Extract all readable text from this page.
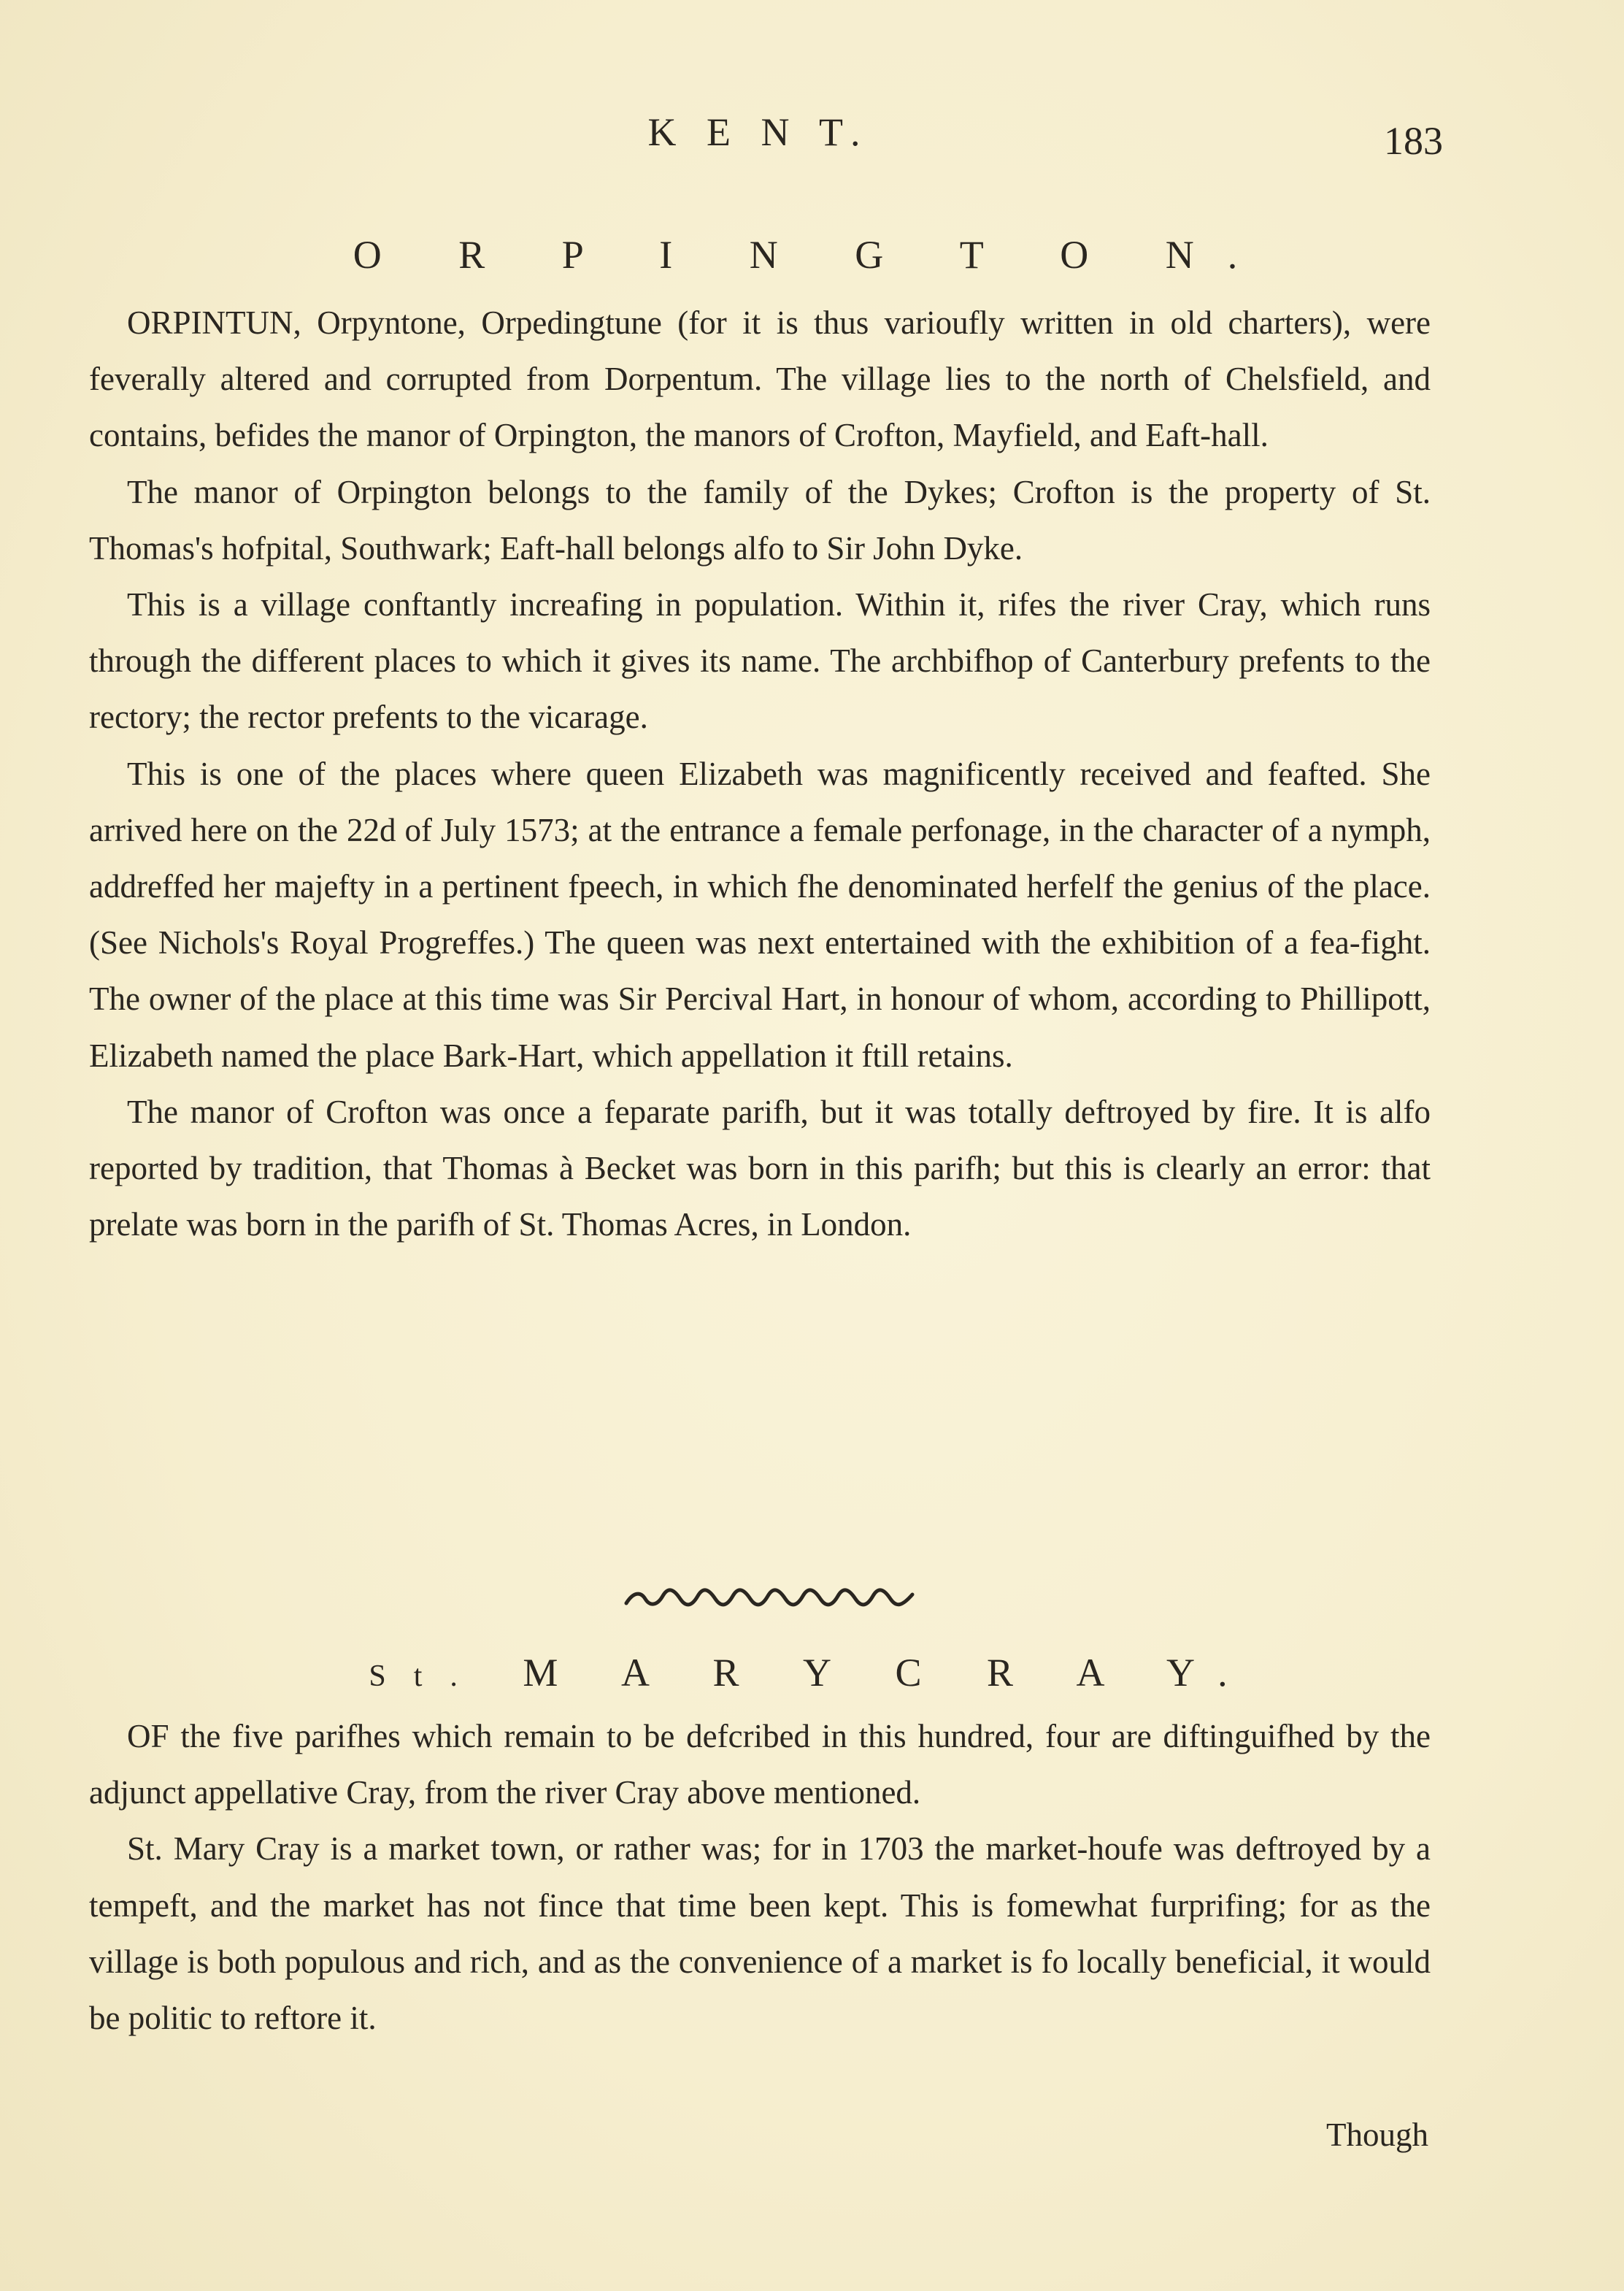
K E N T.	183
O R P I N G T O N.

ORPINTUN, Orpyntone, Orpedingtune (for it is thus varioufly written in old charters), were feverally altered and corrupted from Dorpentum. The village lies to the north of Chelsfield, and contains, befides the manor of Orpington, the manors of Crofton, Mayfield, and Eaft-hall.

The manor of Orpington belongs to the family of the Dykes; Crofton is the property of St. Thomas's hofpital, Southwark; Eaft-hall belongs alfo to Sir John Dyke.

This is a village conftantly increafing in population. Within it, rifes the river Cray, which runs through the different places to which it gives its name. The archbifhop of Canterbury prefents to the rectory; the rector prefents to the vicarage.

This is one of the places where queen Elizabeth was magnificently received and feafted. She arrived here on the 22d of July 1573; at the entrance a female perfonage, in the character of a nymph, addreffed her majefty in a pertinent fpeech, in which fhe denominated herfelf the genius of the place. (See Nichols's Royal Progreffes.) The queen was next entertained with the exhibition of a fea-fight. The owner of the place at this time was Sir Percival Hart, in honour of whom, according to Phillipott, Elizabeth named the place Bark-Hart, which appellation it ftill retains.

The manor of Crofton was once a feparate parifh, but it was totally deftroyed by fire. It is alfo reported by tradition, that Thomas à Becket was born in this parifh; but this is clearly an error: that prelate was born in the parifh of St. Thomas Acres, in London.

St. M A R Y C R A Y.

OF the five parifhes which remain to be defcribed in this hundred, four are diftinguifhed by the adjunct appellative Cray, from the river Cray above mentioned.

St. Mary Cray is a market town, or rather was; for in 1703 the market-houfe was deftroyed by a tempeft, and the market has not fince that time been kept. This is fomewhat furprifing; for as the village is both populous and rich, and as the convenience of a market is fo locally beneficial, it would be politic to reftore it.

Though
